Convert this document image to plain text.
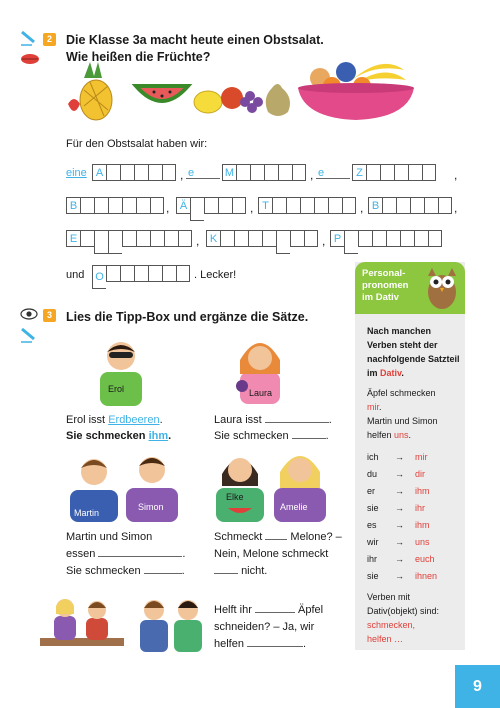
2	Die Klasse 3a macht heute einen Obstsalat.
Wie heißen die Früchte?
Für den Obstsalat haben wir:
eine A	, e	M	, e	Z	,
B	, Ä	, T	, B	,
E	, K	, P
und O	. Lecker!
3	Lies die Tipp-Box und ergänze die Sätze.
Erol	Laura
Erol isst Erdbeeren.
Sie schmecken ihm.
Laura isst	.
Sie schmecken	.
Martin
Simon
Elke
Amelie
Martin und Simon
essen	.
Sie schmecken	.
Schmeckt	Melone? –
Nein, Melone schmeckt
nicht.
Helft ihr	Äpfel
schneiden? – Ja, wir
helfen	.
Personal-
pronomen
im Dativ
Nach manchen Verben steht der nachfolgende Satzteil im Dativ.
Äpfel schmecken
mir.
Martin und Simon helfen uns.
ich	→	mir
du	→	dir
er	→	ihm
sie	→	ihr
es	→	ihm
wir	→	uns
ihr	→	euch
sie	→	ihnen
Verben mit Dativ(objekt) sind:
schmecken,
helfen …
9
